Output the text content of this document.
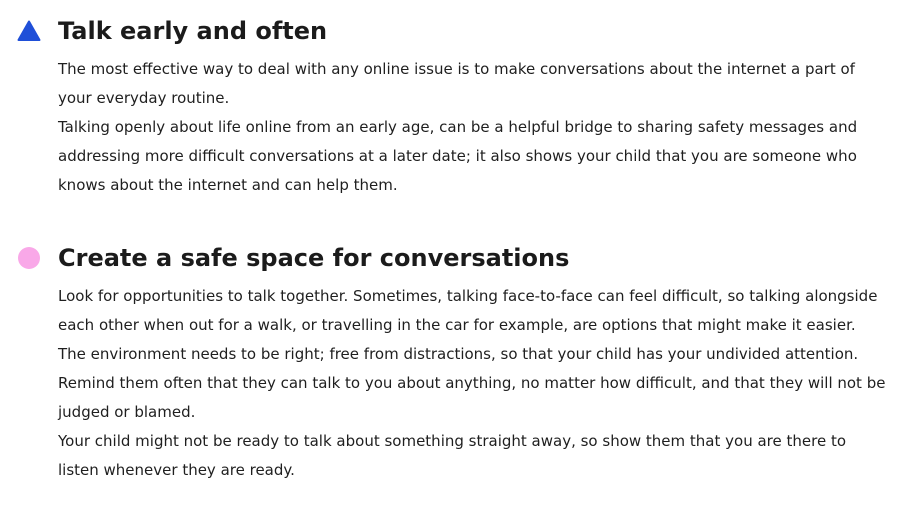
Talk early and often

The most effective way to deal with any online issue is to make conversations about the internet a part of your everyday routine.

Talking openly about life online from an early age, can be a helpful bridge to sharing safety messages and addressing more difficult conversations at a later date; it also shows your child that you are someone who knows about the internet and can help them.

Create a safe space for conversations

Look for opportunities to talk together. Sometimes, talking face-to-face can feel difficult, so talking alongside each other when out for a walk, or travelling in the car for example, are options that might make it easier.

The environment needs to be right; free from distractions, so that your child has your undivided attention.

Remind them often that they can talk to you about anything, no matter how difficult, and that they will not be judged or blamed.

Your child might not be ready to talk about something straight away, so show them that you are there to listen whenever they are ready.
